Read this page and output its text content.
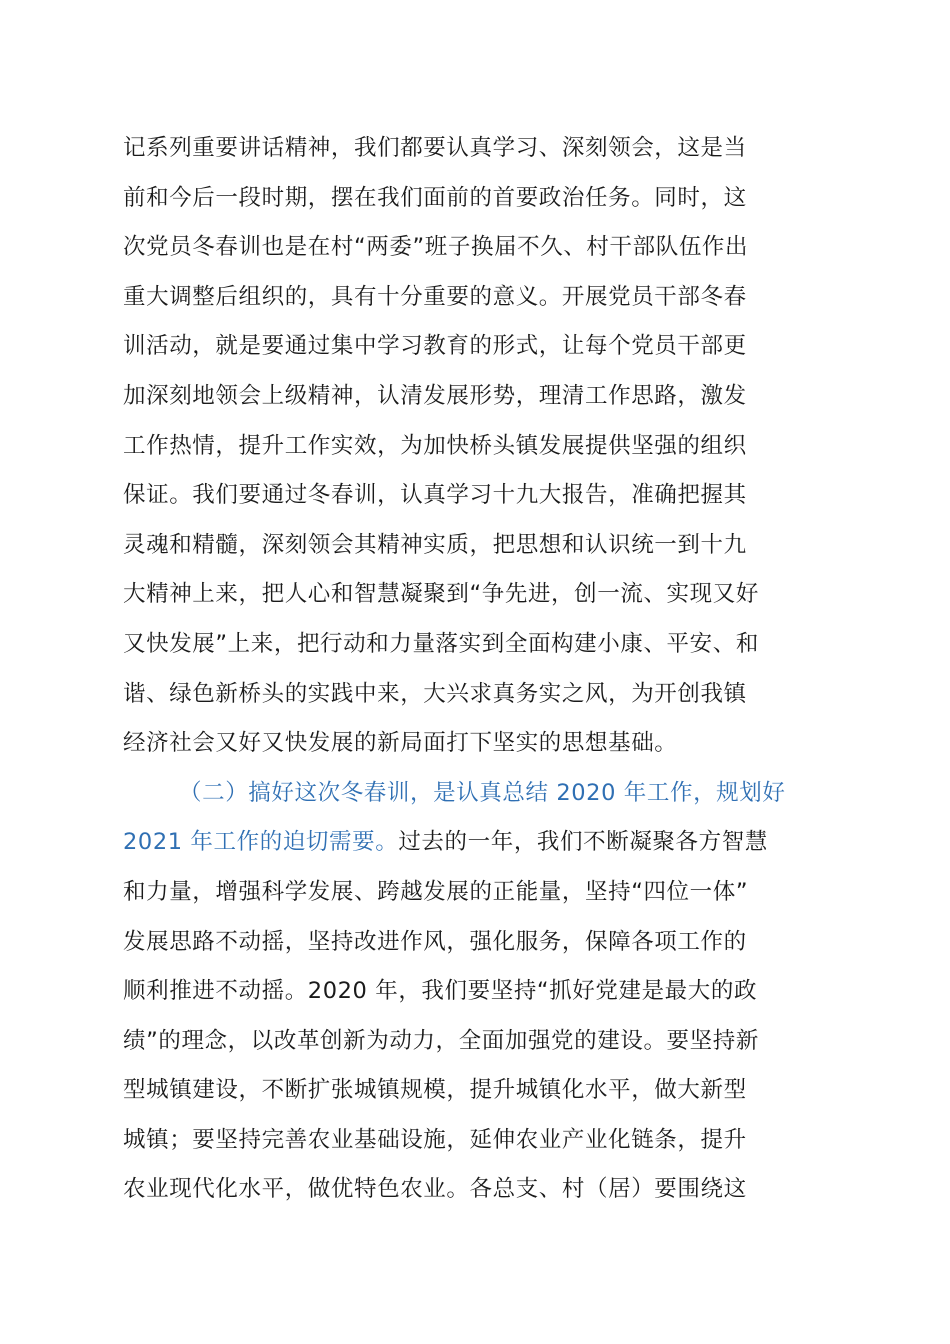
记系列重要讲话精神，我们都要认真学习、深刻领会，这是当
前和今后一段时期，摆在我们面前的首要政治任务。同时，这
次党员冬春训也是在村“两委”班子换届不久、村干部队伍作出
重大调整后组织的，具有十分重要的意义。开展党员干部冬春
训活动，就是要通过集中学习教育的形式，让每个党员干部更
加深刻地领会上级精神，认清发展形势，理清工作思路，激发
工作热情，提升工作实效，为加快桥头镇发展提供坚强的组织
保证。我们要通过冬春训，认真学习十九大报告，准确把握其
灵魂和精髓，深刻领会其精神实质，把思想和认识统一到十九
大精神上来，把人心和智慧凝聚到“争先进，创一流、实现又好
又快发展”上来，把行动和力量落实到全面构建小康、平安、和
谐、绿色新桥头的实践中来，大兴求真务实之风，为开创我镇
经济社会又好又快发展的新局面打下坚实的思想基础。
（二）搞好这次冬春训，是认真总结 2020 年工作，规划好
2021 年工作的迫切需要。过去的一年，我们不断凝聚各方智慧
和力量，增强科学发展、跨越发展的正能量，坚持“四位一体”
发展思路不动摇，坚持改进作风，强化服务，保障各项工作的
顺利推进不动摇。2020 年，我们要坚持“抓好党建是最大的政
绩”的理念，以改革创新为动力，全面加强党的建设。要坚持新
型城镇建设，不断扩张城镇规模，提升城镇化水平，做大新型
城镇；要坚持完善农业基础设施，延伸农业产业化链条，提升
农业现代化水平，做优特色农业。各总支、村（居）要围绕这
